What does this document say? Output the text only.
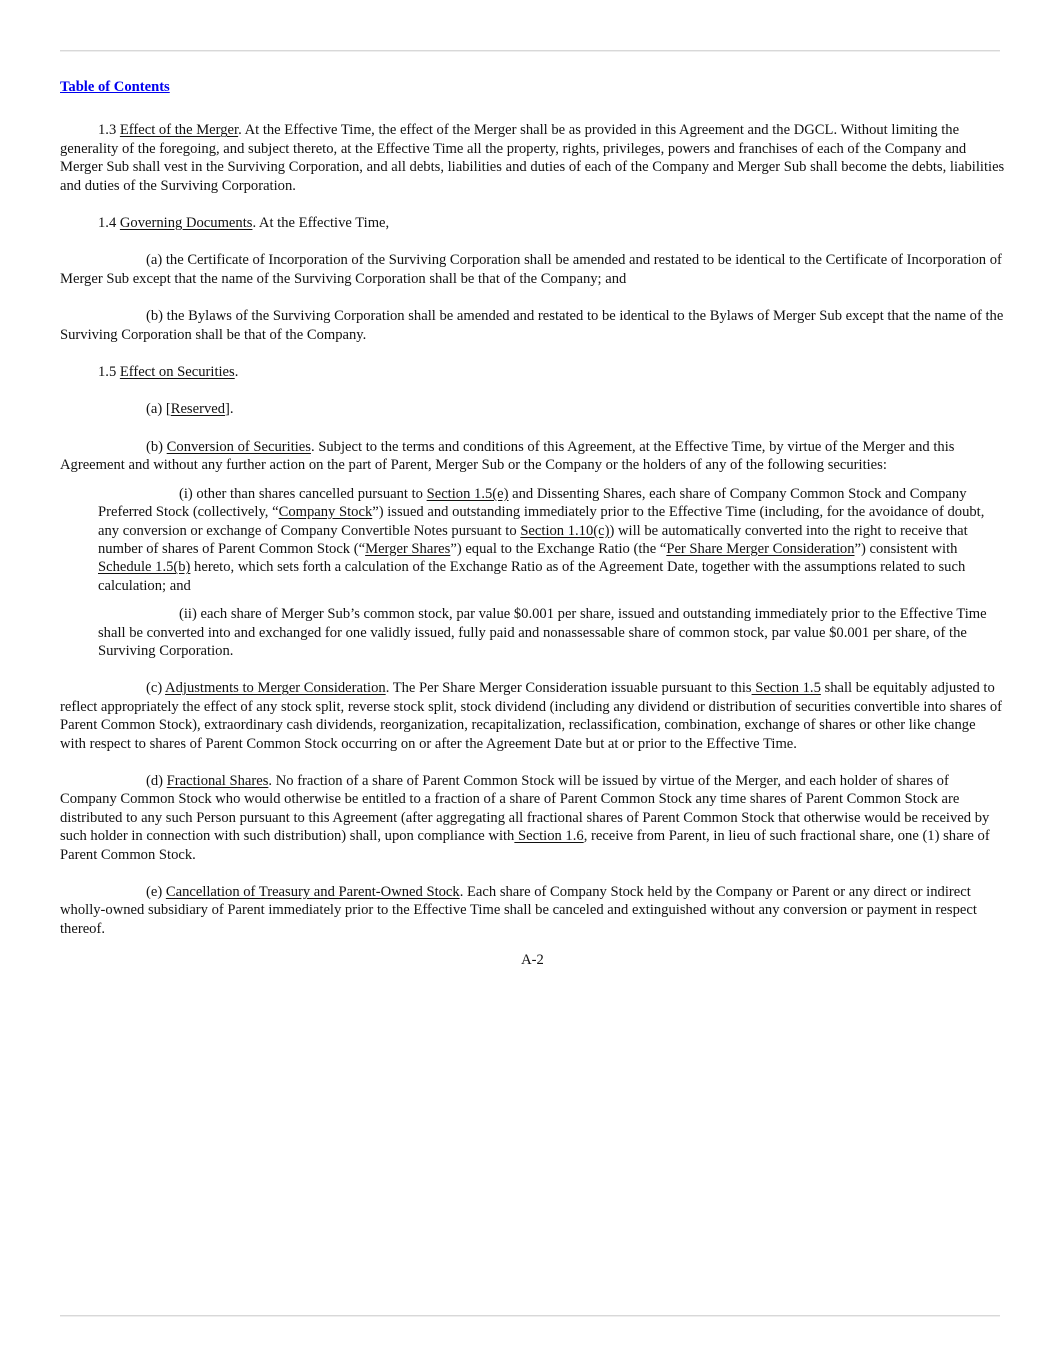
Table of Contents

1.3 Effect of the Merger. At the Effective Time, the effect of the Merger shall be as provided in this Agreement and the DGCL. Without limiting the generality of the foregoing, and subject thereto, at the Effective Time all the property, rights, privileges, powers and franchises of each of the Company and Merger Sub shall vest in the Surviving Corporation, and all debts, liabilities and duties of each of the Company and Merger Sub shall become the debts, liabilities and duties of the Surviving Corporation.

1.4 Governing Documents. At the Effective Time,

(a) the Certificate of Incorporation of the Surviving Corporation shall be amended and restated to be identical to the Certificate of Incorporation of Merger Sub except that the name of the Surviving Corporation shall be that of the Company; and

(b) the Bylaws of the Surviving Corporation shall be amended and restated to be identical to the Bylaws of Merger Sub except that the name of the Surviving Corporation shall be that of the Company.

1.5 Effect on Securities.

(a) [Reserved].

(b) Conversion of Securities. Subject to the terms and conditions of this Agreement, at the Effective Time, by virtue of the Merger and this Agreement and without any further action on the part of Parent, Merger Sub or the Company or the holders of any of the following securities:

(i) other than shares cancelled pursuant to Section 1.5(e) and Dissenting Shares, each share of Company Common Stock and Company Preferred Stock (collectively, “Company Stock”) issued and outstanding immediately prior to the Effective Time (including, for the avoidance of doubt, any conversion or exchange of Company Convertible Notes pursuant to Section 1.10(c)) will be automatically converted into the right to receive that number of shares of Parent Common Stock (“Merger Shares”) equal to the Exchange Ratio (the “Per Share Merger Consideration”) consistent with Schedule 1.5(b) hereto, which sets forth a calculation of the Exchange Ratio as of the Agreement Date, together with the assumptions related to such calculation; and

(ii) each share of Merger Sub’s common stock, par value $0.001 per share, issued and outstanding immediately prior to the Effective Time shall be converted into and exchanged for one validly issued, fully paid and nonassessable share of common stock, par value $0.001 per share, of the Surviving Corporation.

(c) Adjustments to Merger Consideration. The Per Share Merger Consideration issuable pursuant to this Section 1.5 shall be equitably adjusted to reflect appropriately the effect of any stock split, reverse stock split, stock dividend (including any dividend or distribution of securities convertible into shares of Parent Common Stock), extraordinary cash dividends, reorganization, recapitalization, reclassification, combination, exchange of shares or other like change with respect to shares of Parent Common Stock occurring on or after the Agreement Date but at or prior to the Effective Time.

(d) Fractional Shares. No fraction of a share of Parent Common Stock will be issued by virtue of the Merger, and each holder of shares of Company Common Stock who would otherwise be entitled to a fraction of a share of Parent Common Stock any time shares of Parent Common Stock are distributed to any such Person pursuant to this Agreement (after aggregating all fractional shares of Parent Common Stock that otherwise would be received by such holder in connection with such distribution) shall, upon compliance with Section 1.6, receive from Parent, in lieu of such fractional share, one (1) share of Parent Common Stock.

(e) Cancellation of Treasury and Parent-Owned Stock. Each share of Company Stock held by the Company or Parent or any direct or indirect wholly-owned subsidiary of Parent immediately prior to the Effective Time shall be canceled and extinguished without any conversion or payment in respect thereof.

A-2
